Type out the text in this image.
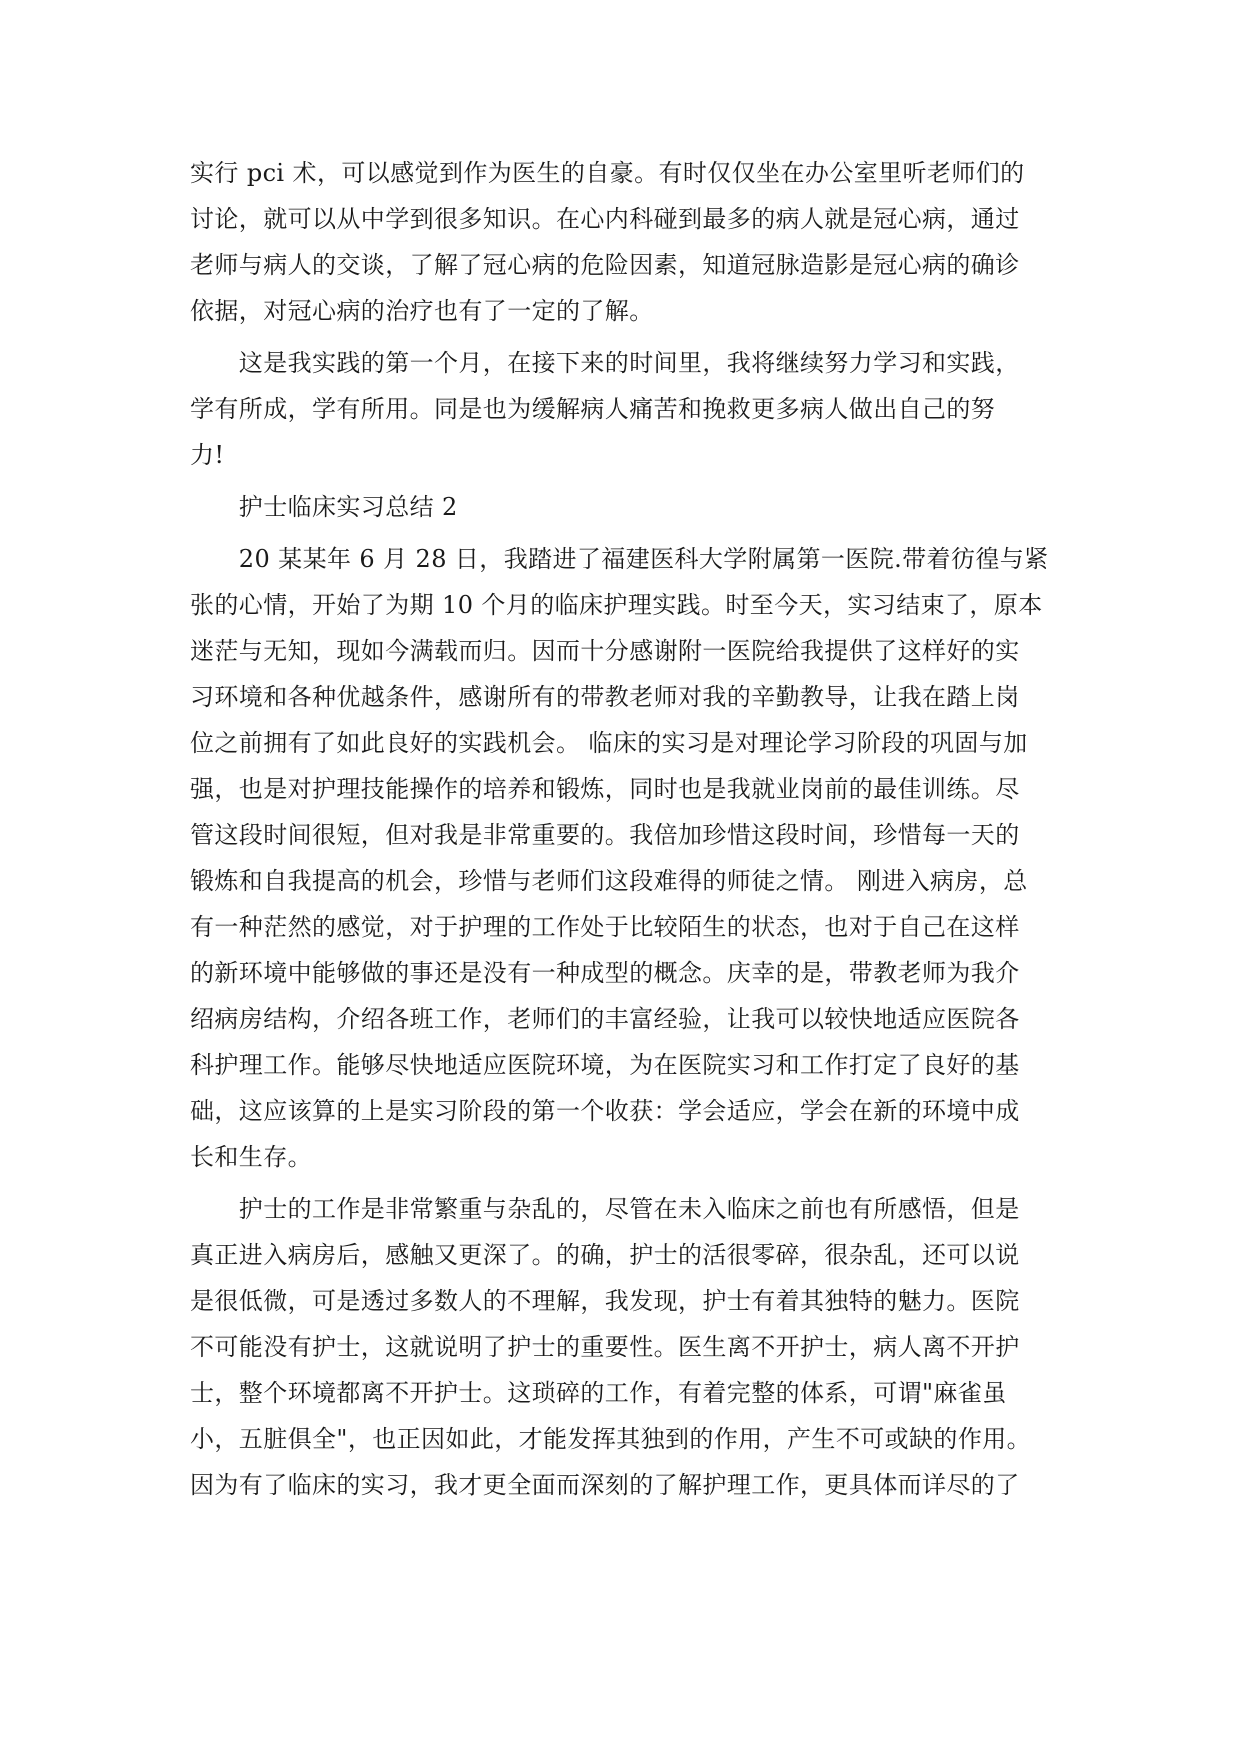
实行 pci 术，可以感觉到作为医生的自豪。有时仅仅坐在办公室里听老师们的
讨论，就可以从中学到很多知识。在心内科碰到最多的病人就是冠心病，通过
老师与病人的交谈，了解了冠心病的危险因素，知道冠脉造影是冠心病的确诊
依据，对冠心病的治疗也有了一定的了解。
　　这是我实践的第一个月，在接下来的时间里，我将继续努力学习和实践，
学有所成，学有所用。同是也为缓解病人痛苦和挽救更多病人做出自己的努
力!
　　护士临床实习总结 2
　　20 某某年 6 月 28 日，我踏进了福建医科大学附属第一医院.带着彷徨与紧
张的心情，开始了为期 10 个月的临床护理实践。时至今天，实习结束了，原本
迷茫与无知，现如今满载而归。因而十分感谢附一医院给我提供了这样好的实
习环境和各种优越条件，感谢所有的带教老师对我的辛勤教导，让我在踏上岗
位之前拥有了如此良好的实践机会。 临床的实习是对理论学习阶段的巩固与加
强，也是对护理技能操作的培养和锻炼，同时也是我就业岗前的最佳训练。尽
管这段时间很短，但对我是非常重要的。我倍加珍惜这段时间，珍惜每一天的
锻炼和自我提高的机会，珍惜与老师们这段难得的师徒之情。 刚进入病房，总
有一种茫然的感觉，对于护理的工作处于比较陌生的状态，也对于自己在这样
的新环境中能够做的事还是没有一种成型的概念。庆幸的是，带教老师为我介
绍病房结构，介绍各班工作，老师们的丰富经验，让我可以较快地适应医院各
科护理工作。能够尽快地适应医院环境，为在医院实习和工作打定了良好的基
础，这应该算的上是实习阶段的第一个收获：学会适应，学会在新的环境中成
长和生存。
　　护士的工作是非常繁重与杂乱的，尽管在未入临床之前也有所感悟，但是
真正进入病房后，感触又更深了。的确，护士的活很零碎，很杂乱，还可以说
是很低微，可是透过多数人的不理解，我发现，护士有着其独特的魅力。医院
不可能没有护士，这就说明了护士的重要性。医生离不开护士，病人离不开护
士，整个环境都离不开护士。这琐碎的工作，有着完整的体系，可谓"麻雀虽
小，五脏俱全"，也正因如此，才能发挥其独到的作用，产生不可或缺的作用。
因为有了临床的实习，我才更全面而深刻的了解护理工作，更具体而详尽的了
